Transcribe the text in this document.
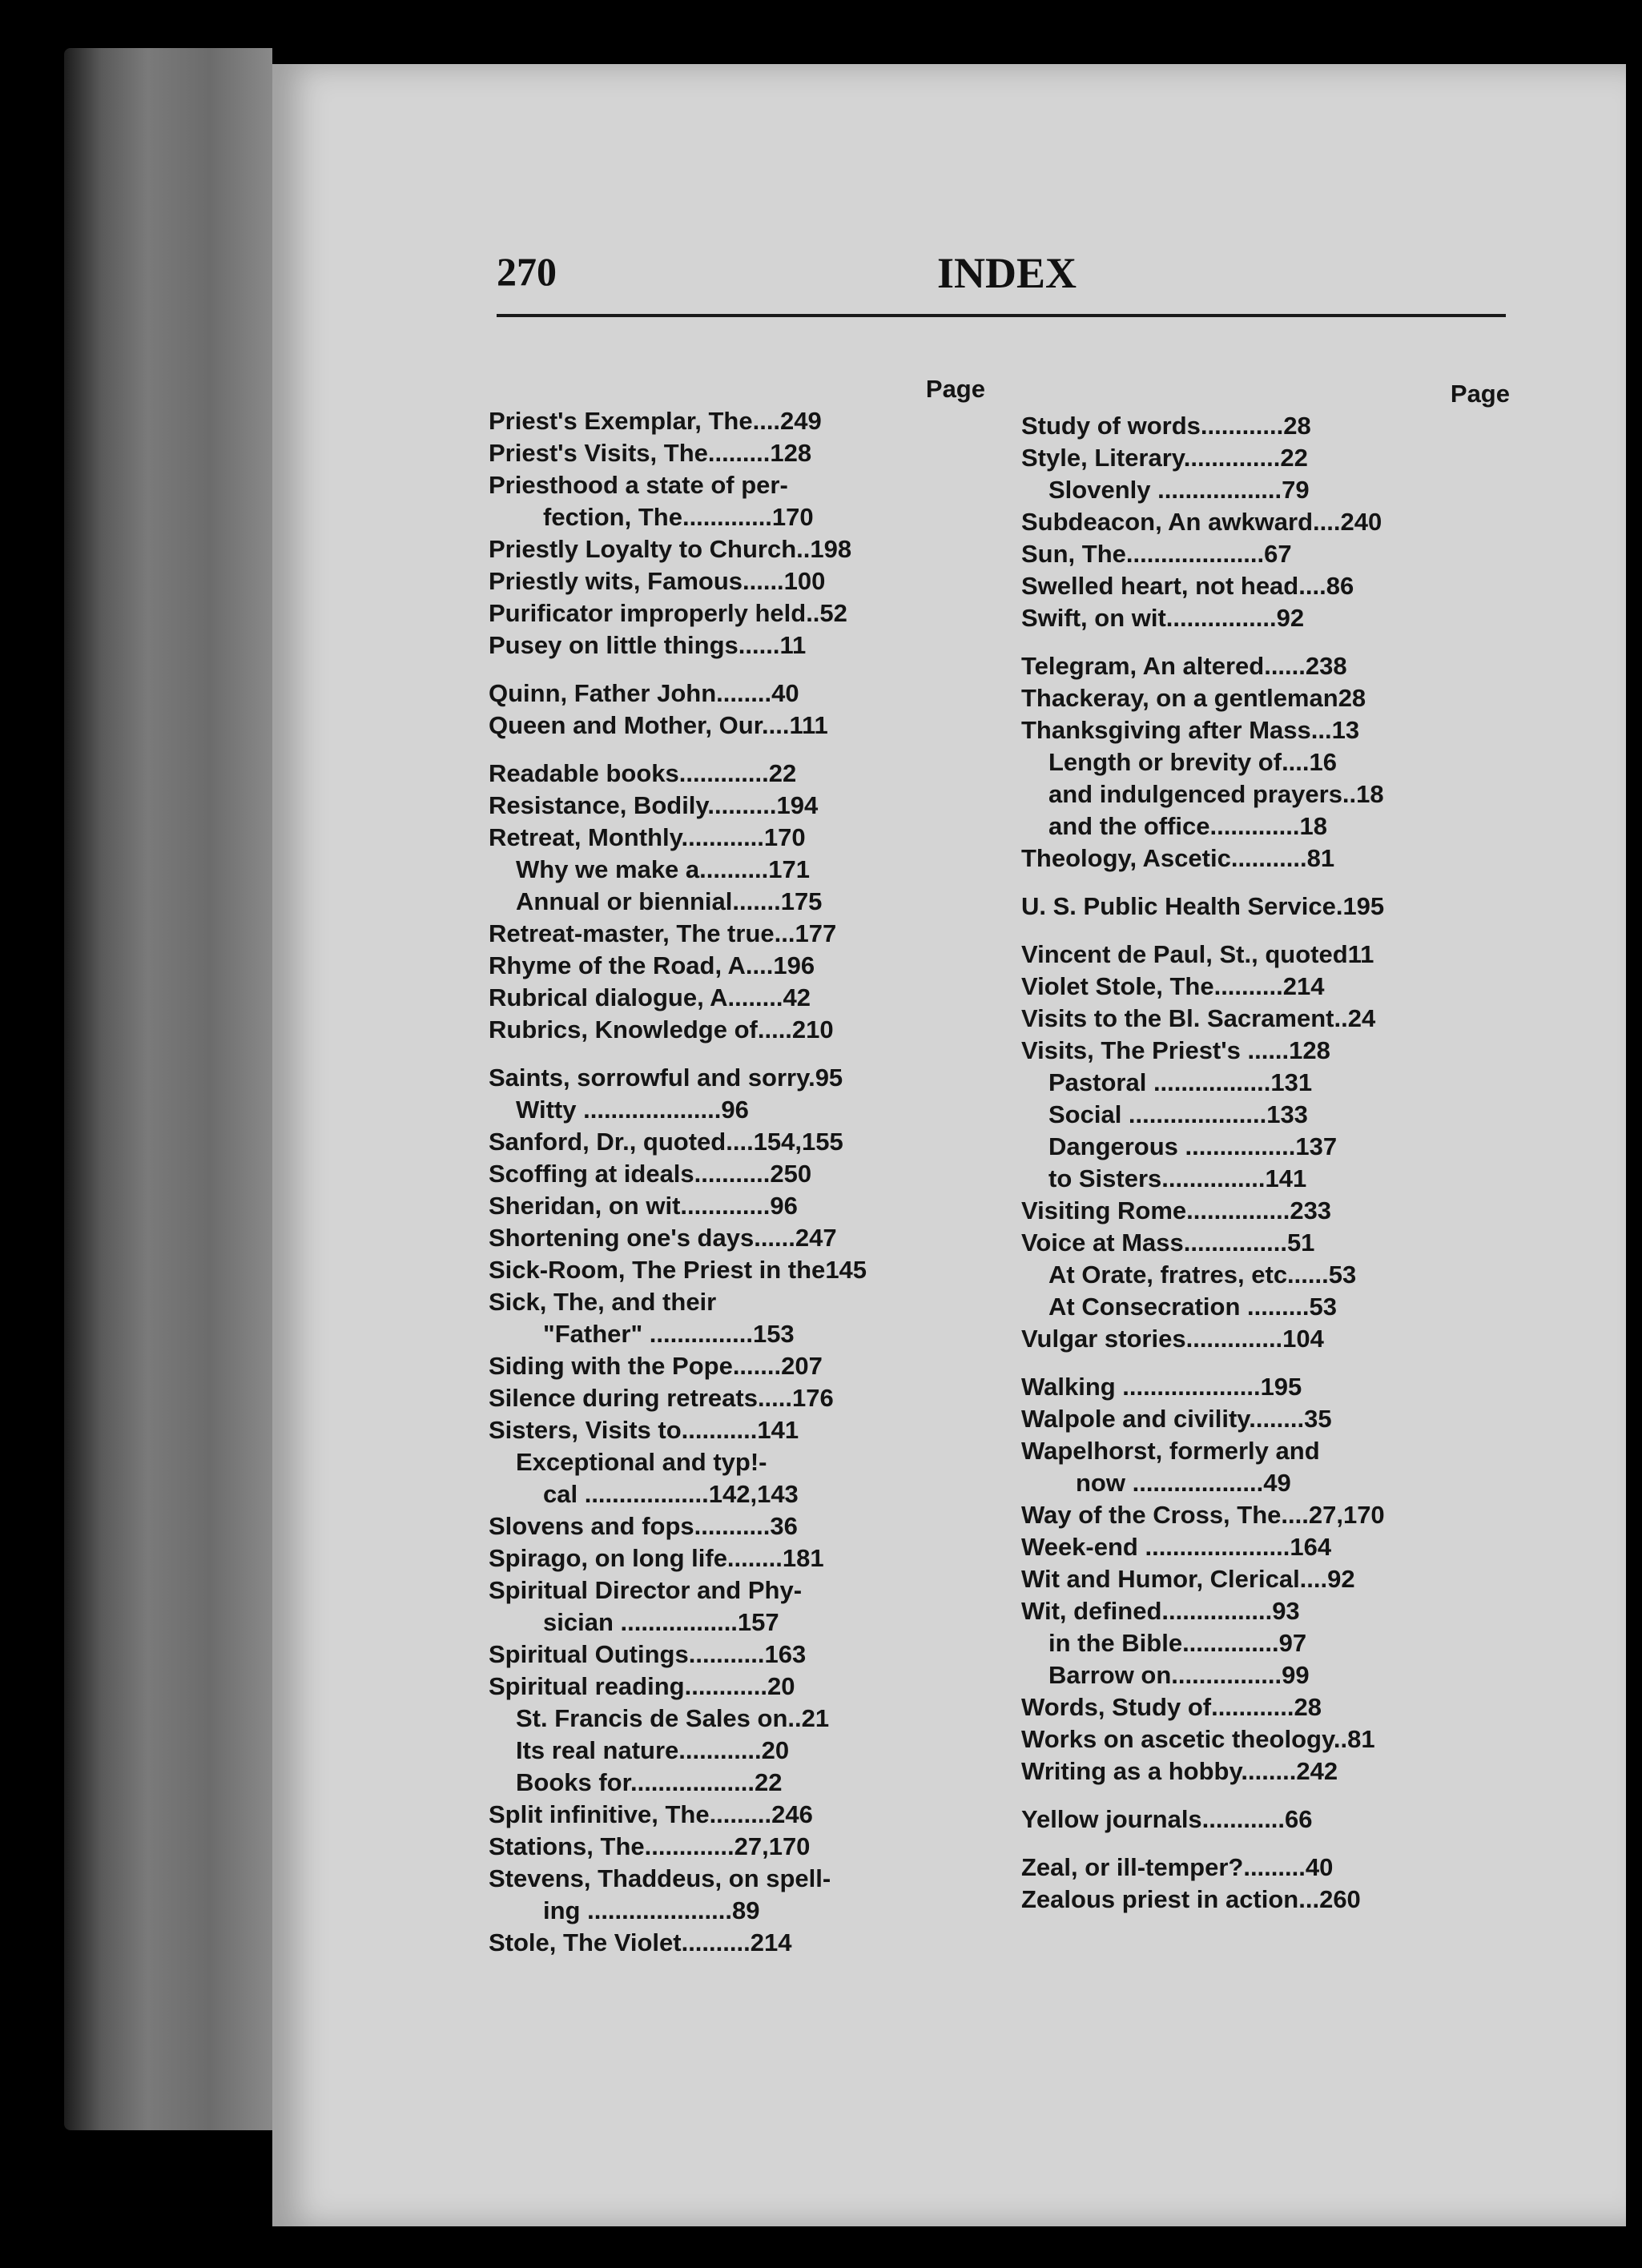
270	INDEX
Page
Priest's Exemplar, The.... 249
Priest's Visits, The......... 128
Priesthood a state of per-
fection, The............. 170
Priestly Loyalty to Church.. 198
Priestly wits, Famous...... 100
Purificator improperly held.. 52
Pusey on little things...... 11
Quinn, Father John........ 40
Queen and Mother, Our.... 111
Readable books............. 22
Resistance, Bodily.......... 194
Retreat, Monthly............ 170
Why we make a.......... 171
Annual or biennial....... 175
Retreat-master, The true... 177
Rhyme of the Road, A.... 196
Rubrical dialogue, A........ 42
Rubrics, Knowledge of..... 210
Saints, sorrowful and sorry. 95
Witty .................... 96
Sanford, Dr., quoted....154, 155
Scoffing at ideals........... 250
Sheridan, on wit............. 96
Shortening one's days...... 247
Sick-Room, The Priest in the 145
Sick, The, and their
"Father" ............... 153
Siding with the Pope....... 207
Silence during retreats..... 176
Sisters, Visits to........... 141
Exceptional and typ!-
cal ..................142, 143
Slovens and fops........... 36
Spirago, on long life........ 181
Spiritual Director and Phy-
sician ................. 157
Spiritual Outings........... 163
Spiritual reading............ 20
St. Francis de Sales on.. 21
Its real nature............ 20
Books for.................. 22
Split infinitive, The......... 246
Stations, The.............27, 170
Stevens, Thaddeus, on spell-
ing ..................... 89
Stole, The Violet.......... 214
Page
Study of words............ 28
Style, Literary.............. 22
Slovenly .................. 79
Subdeacon, An awkward.... 240
Sun, The.................... 67
Swelled heart, not head.... 86
Swift, on wit................ 92
Telegram, An altered...... 238
Thackeray, on a gentleman 28
Thanksgiving after Mass... 13
Length or brevity of.... 16
and indulgenced prayers.. 18
and the office............. 18
Theology, Ascetic........... 81
U. S. Public Health Service. 195
Vincent de Paul, St., quoted 11
Violet Stole, The.......... 214
Visits to the Bl. Sacrament.. 24
Visits, The Priest's ...... 128
Pastoral ................. 131
Social .................... 133
Dangerous ................ 137
to Sisters............... 141
Visiting Rome............... 233
Voice at Mass............... 51
At Orate, fratres, etc...... 53
At Consecration ......... 53
Vulgar stories.............. 104
Walking .................... 195
Walpole and civility........ 35
Wapelhorst, formerly and
now ................... 49
Way of the Cross, The....27, 170
Week-end ..................... 164
Wit and Humor, Clerical.... 92
Wit, defined................ 93
in the Bible.............. 97
Barrow on................ 99
Words, Study of............ 28
Works on ascetic theology.. 81
Writing as a hobby........ 242
Yellow journals............ 66
Zeal, or ill-temper?......... 40
Zealous priest in action... 260
